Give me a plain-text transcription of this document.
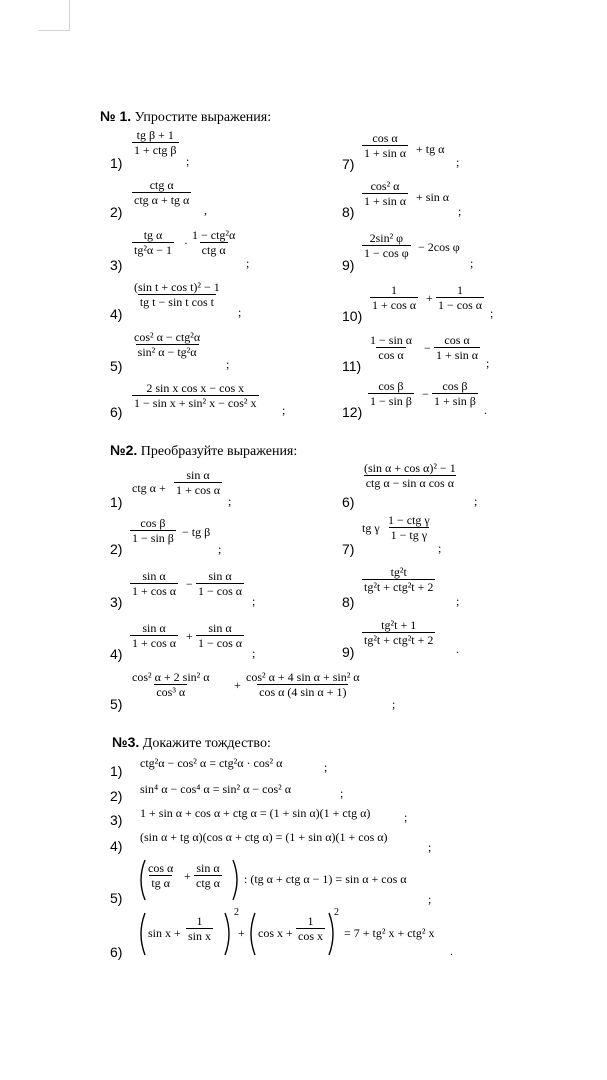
№ 1. Упростите выражения:
1)
tg β + 1
1 + ctg β
;
2)
ctg α
ctg α + tg α
,
3)
$\frac{\text{tg α}}{\text{tg²α − 1}}$ ·
1 − ctg²α
ctg α
;
4)
$\frac{\text{(sin t + cos t)² − 1}}{\text{tg t − sin t cos t}}$
;
5)
cos² α − ctg²α
sin² α − tg²α
;
6)
$\frac{\text{2 sin x cos x − cos x}}{\text{1 − sin x + sin² x − cos² x}}$ ;
7)
$\frac{\text{cos α}}{\text{1 + sin α}}$ + tg α
;
8)
$\frac{\text{cos² α}}{\text{1 + sin α}} + \sin \alpha$
;
9)
$\frac{\text{2sin² φ}}{\text{1 − cos φ}} - 2\cos$ φ
;
10)
$\frac{1}{\text{1 + cos α}} + \frac{1}{\text{1 − cos α}}$
;
11)
$\frac{\text{1 − sin α}}{\text{cos α}} - \frac{\text{cos α}}{\text{1 + sin α}}$
;
12)
$\frac{\text{cos β}}{\text{1 − sin β}} - \frac{\text{cos β}}{\text{1 + sin β}}$
.
№2. Преобразуйте выражения:
1)
ctg $\alpha + \frac{\text{sin α}}{\text{1 + cos α}}$
;
2)
$\frac{\text{cos β}}{\text{1 − sin β}}$ − tg β
;
3)
$\frac{\text{sin α}}{\text{1 + cos α}} - \frac{\text{sin α}}{\text{1 − cos α}}$
;
4)
$\frac{\text{sin α}}{\text{1 + cos α}} + \frac{\text{sin α}}{\text{1 − cos α}}$
;
5)
$\frac{\text{cos² α + 2 sin² α}}{\text{cos³ α}} + \frac{\text{cos² α + 4 sin α + sin² α}}{\text{cos α (4 sin α + 1)}}$
;
6)
(sin α + cos α)² − 1
ctg α − sin α cos α
;
7)
tg γ
1 − ctg γ
1 − tg γ
;
8)
tg²t
tg²t + ctg²t + 2
;
9)
tg²t + 1
tg²t + ctg²t + 2
.
№3. Докажите тождество:
1) ctg²α − cos² α = ctg²α · cos² α	;
2) sin⁴ α − cos⁴ α = sin² α − cos² α	;
3) 1 + sin α + cos α + ctg α = (1 + sin α)(1 + ctg α)	;
4)
(sin α + tg α)(cos α + ctg α) = (1 + sin α)(1 + cos α)
;
5)
$\frac{\text{cos α}}{\text{tg α}}$ +
sin α
ctg α : (tg α + ctg α − 1) = sin α + cos α
;
6)
$\sin x + \frac{1}{\text{sin x}}$
2
+ $\cos x + \frac{1}{\text{cos x}}$
2
= 7 + tg² x + ctg² x
.
